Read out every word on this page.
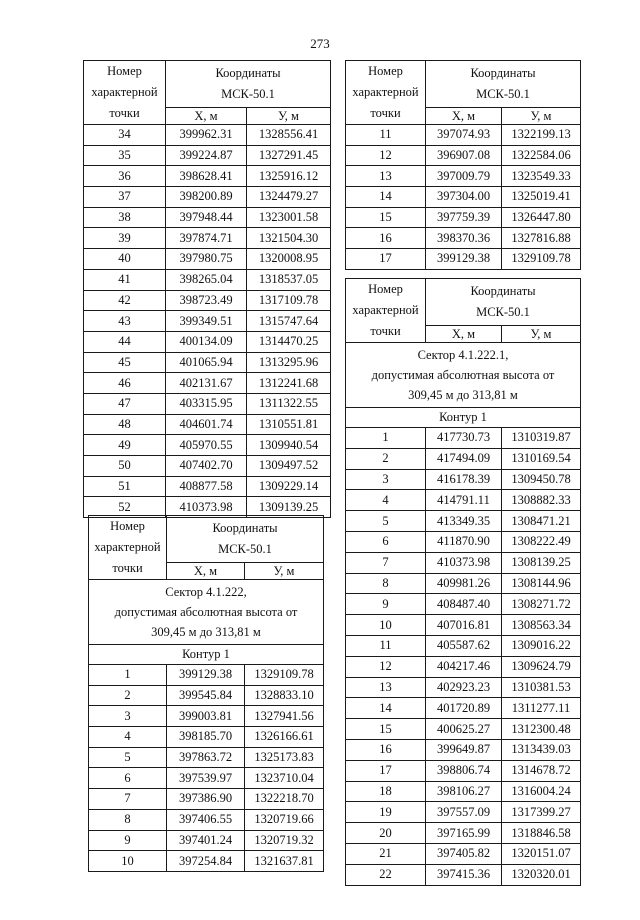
273
Номер
характерной
точки	Координаты
МСК-50.1	
	X, м	У, м
34	399962.31	1328556.41
35	399224.87	1327291.45
36	398628.41	1325916.12
37	398200.89	1324479.27
38	397948.44	1323001.58
39	397874.71	1321504.30
40	397980.75	1320008.95
41	398265.04	1318537.05
42	398723.49	1317109.78
43	399349.51	1315747.64
44	400134.09	1314470.25
45	401065.94	1313295.96
46	402131.67	1312241.68
47	403315.95	1311322.55
48	404601.74	1310551.81
49	405970.55	1309940.54
50	407402.70	1309497.52
51	408877.58	1309229.14
52	410373.98	1309139.25
Номер
характерной
точки	Координаты
МСК-50.1	
	X, м	У, м
11	397074.93	1322199.13
12	396907.08	1322584.06
13	397009.79	1323549.33
14	397304.00	1325019.41
15	397759.39	1326447.80
16	398370.36	1327816.88
17	399129.38	1329109.78
Номер
характерной
точки	Координаты
МСК-50.1	
	X, м	У, м
Сектор 4.1.222.1,
допустимая абсолютная высота от
309,45 м до 313,81 м		
Контур 1		
1	417730.73	1310319.87
2	417494.09	1310169.54
3	416178.39	1309450.78
4	414791.11	1308882.33
5	413349.35	1308471.21
6	411870.90	1308222.49
7	410373.98	1308139.25
8	409981.26	1308144.96
9	408487.40	1308271.72
10	407016.81	1308563.34
11	405587.62	1309016.22
12	404217.46	1309624.79
13	402923.23	1310381.53
14	401720.89	1311277.11
15	400625.27	1312300.48
16	399649.87	1313439.03
17	398806.74	1314678.72
18	398106.27	1316004.24
19	397557.09	1317399.27
20	397165.99	1318846.58
21	397405.82	1320151.07
22	397415.36	1320320.01
Номер
характерной
точки	Координаты
МСК-50.1	
	X, м	У, м
Сектор 4.1.222,
допустимая абсолютная высота от
309,45 м до 313,81 м		
Контур 1		
1	399129.38	1329109.78
2	399545.84	1328833.10
3	399003.81	1327941.56
4	398185.70	1326166.61
5	397863.72	1325173.83
6	397539.97	1323710.04
7	397386.90	1322218.70
8	397406.55	1320719.66
9	397401.24	1320719.32
10	397254.84	1321637.81
